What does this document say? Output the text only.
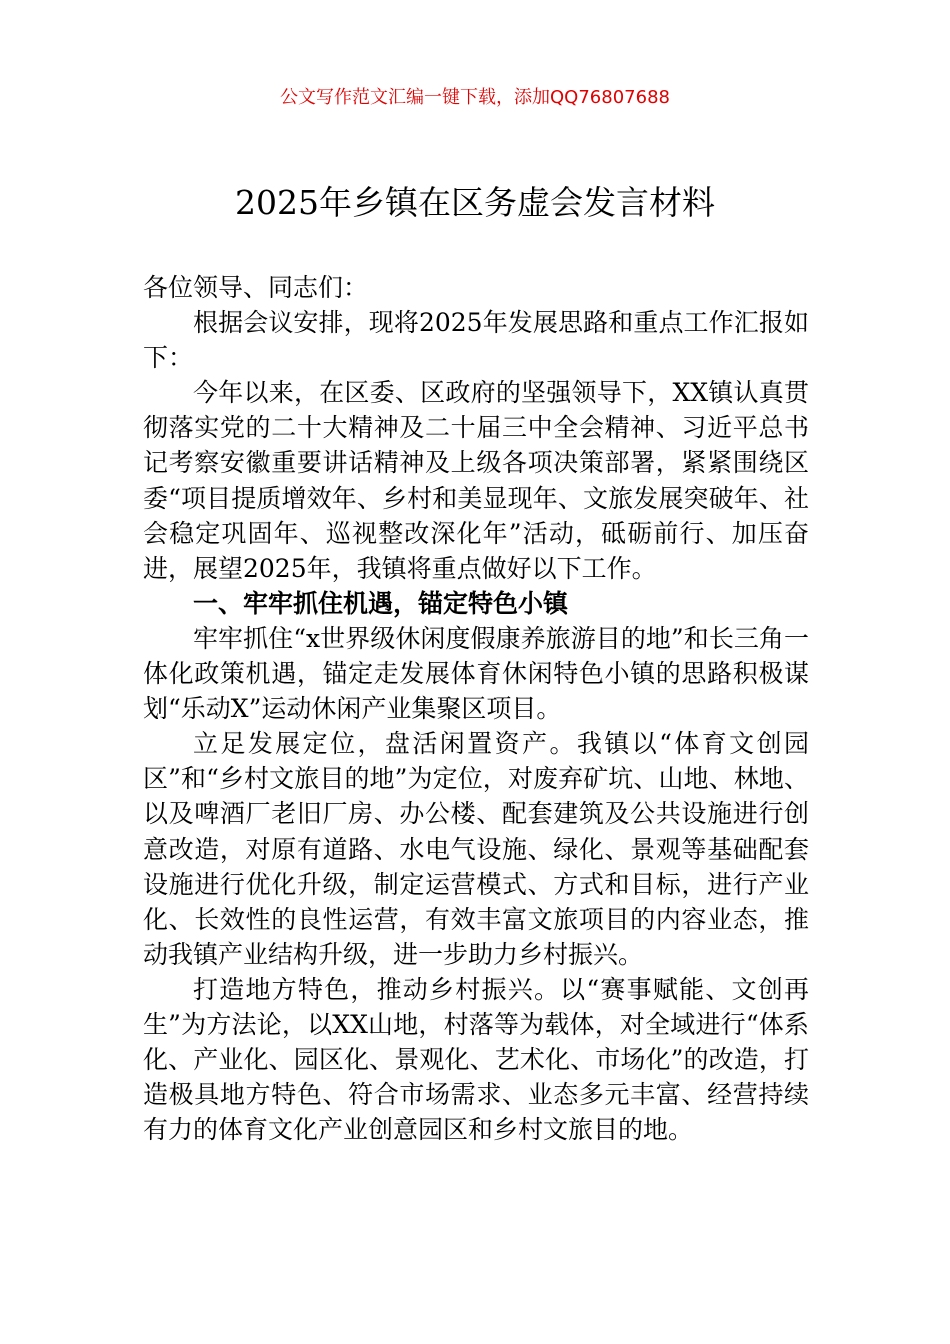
公文写作范文汇编一键下载，添加QQ76807688
2025年乡镇在区务虚会发言材料

各位领导、同志们：

根据会议安排，现将2025年发展思路和重点工作汇报如下：

今年以来，在区委、区政府的坚强领导下，XX镇认真贯彻落实党的二十大精神及二十届三中全会精神、习近平总书记考察安徽重要讲话精神及上级各项决策部署，紧紧围绕区委“项目提质增效年、乡村和美显现年、文旅发展突破年、社会稳定巩固年、巡视整改深化年”活动，砥砺前行、加压奋进，展望2025年，我镇将重点做好以下工作。

一、牢牢抓住机遇，锚定特色小镇

牢牢抓住“x世界级休闲度假康养旅游目的地”和长三角一体化政策机遇，锚定走发展体育休闲特色小镇的思路积极谋划“乐动X”运动休闲产业集聚区项目。

立足发展定位，盘活闲置资产。我镇以“体育文创园区”和“乡村文旅目的地”为定位，对废弃矿坑、山地、林地、以及啤酒厂老旧厂房、办公楼、配套建筑及公共设施进行创意改造，对原有道路、水电气设施、绿化、景观等基础配套设施进行优化升级，制定运营模式、方式和目标，进行产业化、长效性的良性运营，有效丰富文旅项目的内容业态，推动我镇产业结构升级，进一步助力乡村振兴。

打造地方特色，推动乡村振兴。以“赛事赋能、文创再生”为方法论，以XX山地，村落等为载体，对全域进行“体系化、产业化、园区化、景观化、艺术化、市场化”的改造，打造极具地方特色、符合市场需求、业态多元丰富、经营持续有力的体育文化产业创意园区和乡村文旅目的地。
